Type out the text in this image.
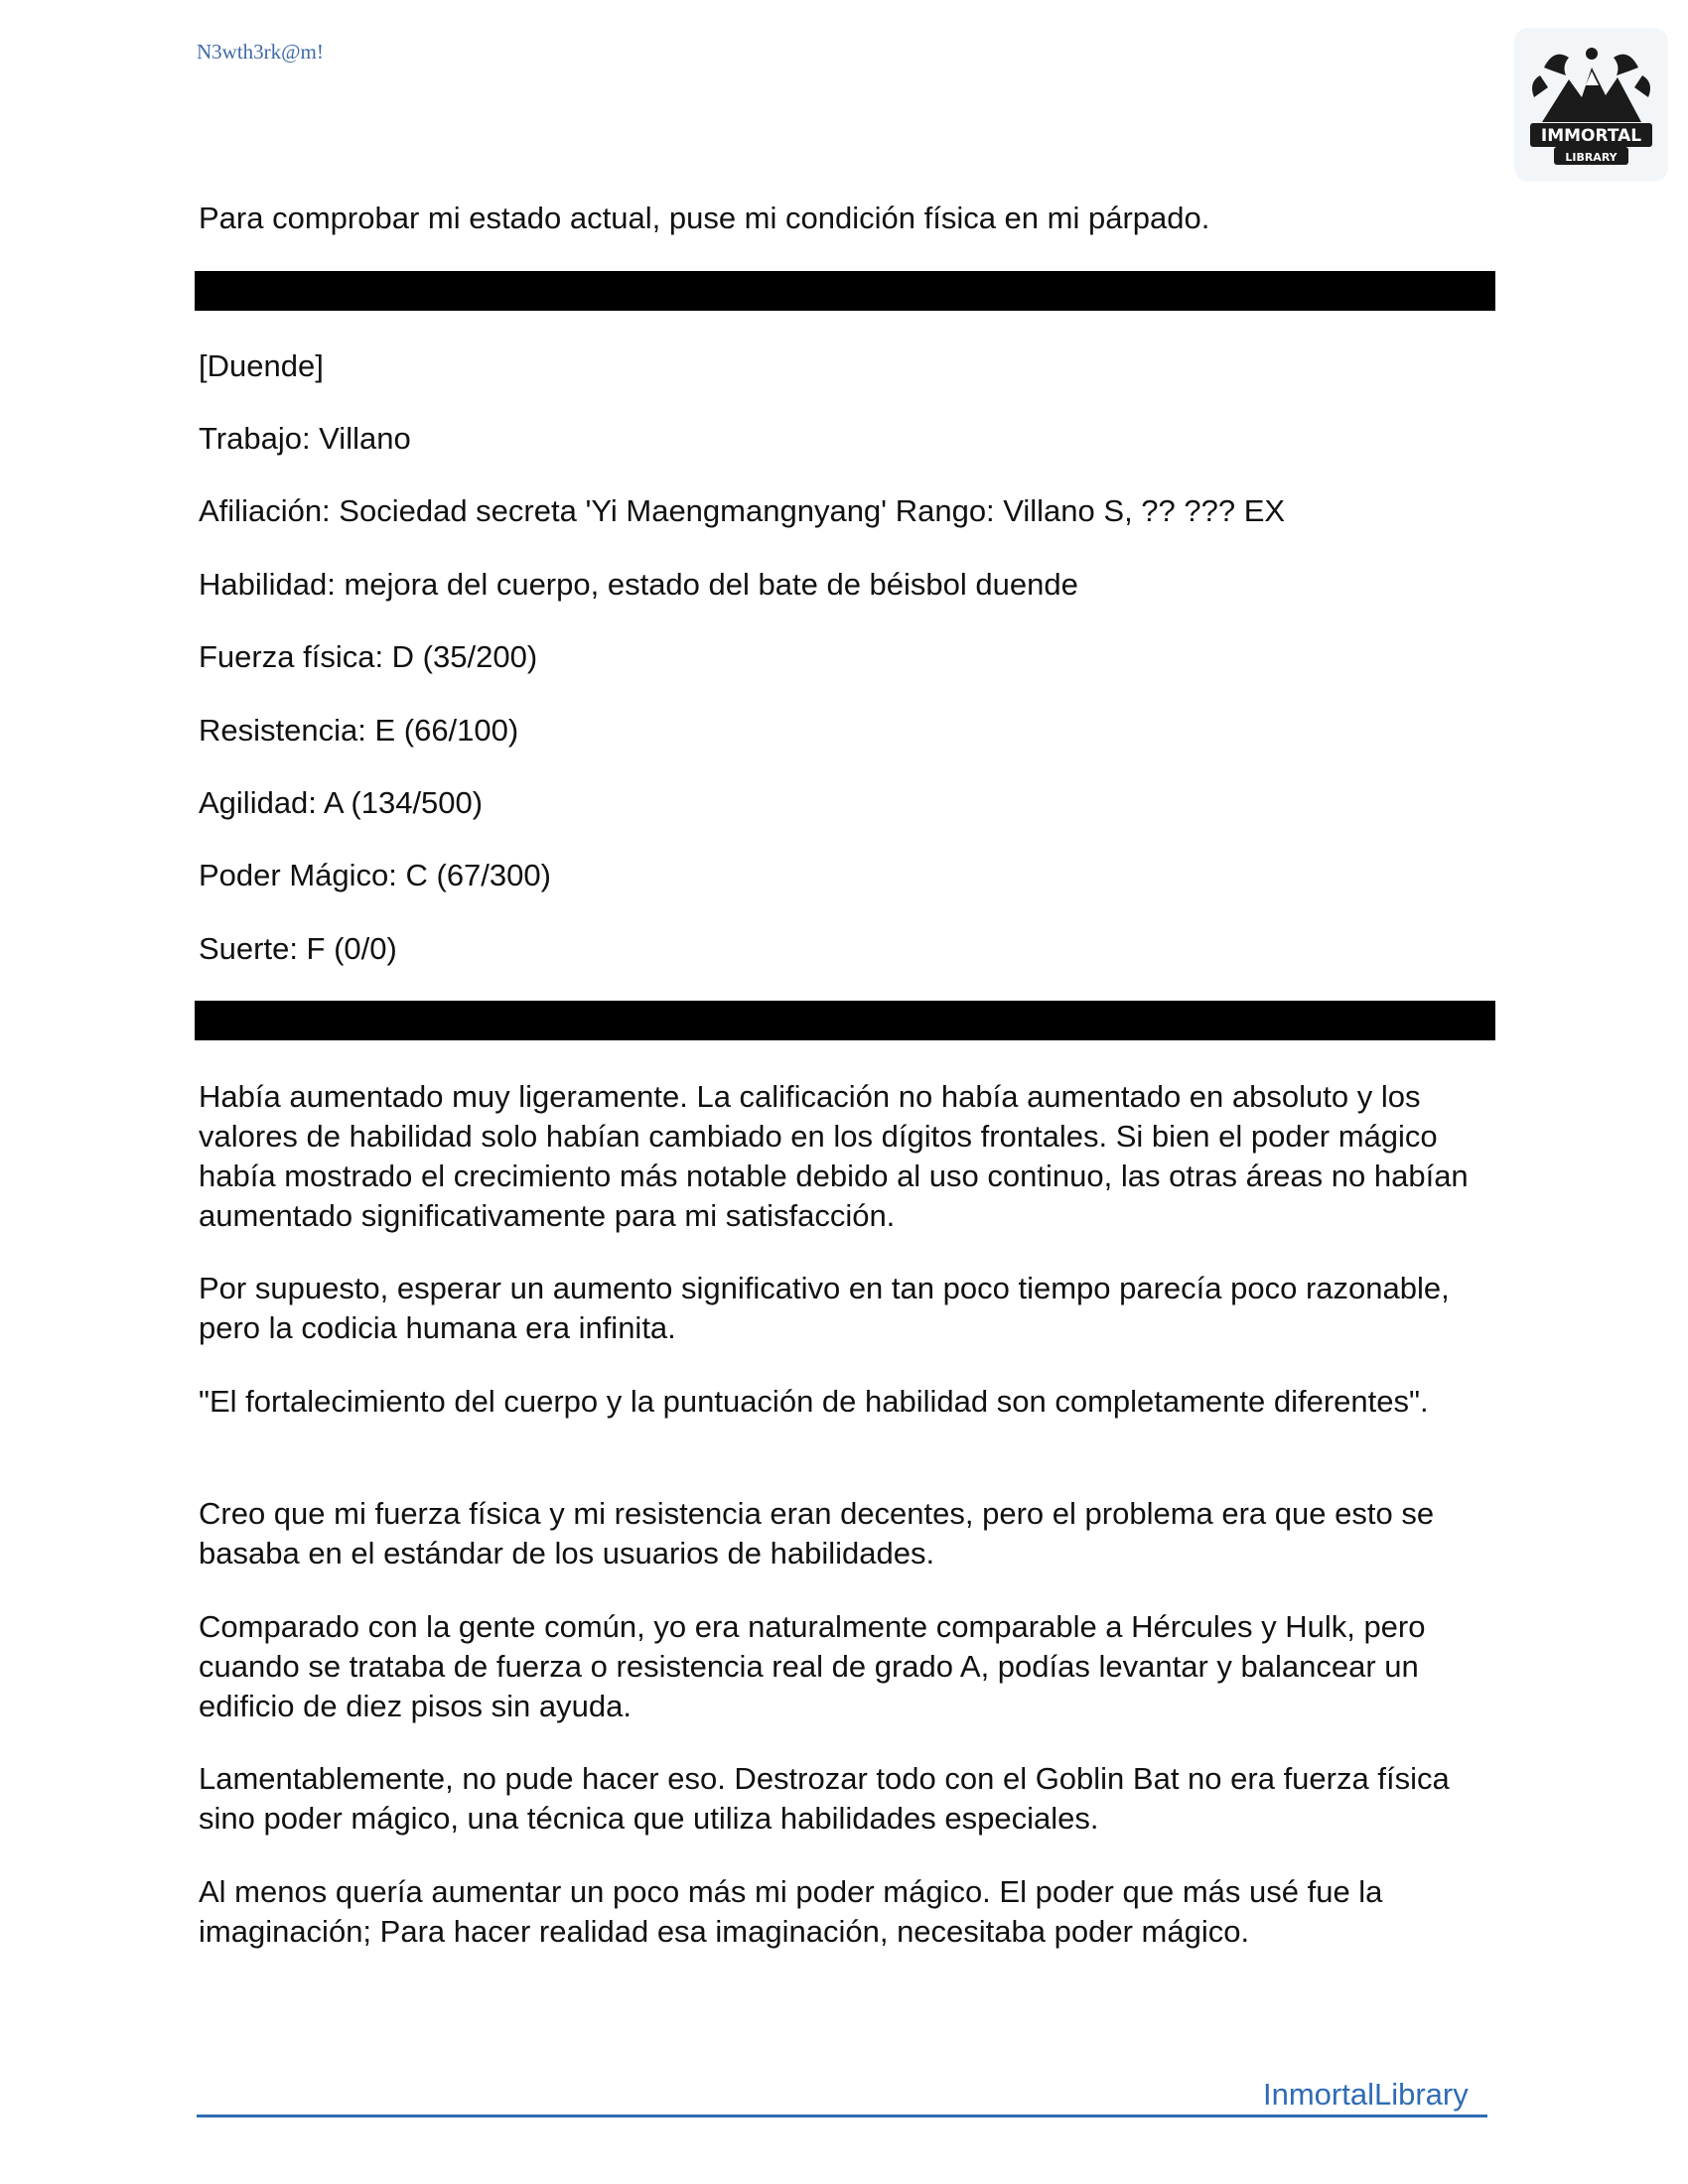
N3wth3rk@m!
IMMORTAL
LIBRARY

Para comprobar mi estado actual, puse mi condición física en mi párpado.

[Duende]

Trabajo: Villano

Afiliación: Sociedad secreta 'Yi Maengmangnyang' Rango: Villano S, ?? ??? EX

Habilidad: mejora del cuerpo, estado del bate de béisbol duende

Fuerza física: D (35/200)

Resistencia: E (66/100)

Agilidad: A (134/500)

Poder Mágico: C (67/300)

Suerte: F (0/0)

Había aumentado muy ligeramente. La calificación no había aumentado en absoluto y los valores de habilidad solo habían cambiado en los dígitos frontales. Si bien el poder mágico había mostrado el crecimiento más notable debido al uso continuo, las otras áreas no habían aumentado significativamente para mi satisfacción.

Por supuesto, esperar un aumento significativo en tan poco tiempo parecía poco razonable, pero la codicia humana era infinita.

"El fortalecimiento del cuerpo y la puntuación de habilidad son completamente diferentes".

Creo que mi fuerza física y mi resistencia eran decentes, pero el problema era que esto se basaba en el estándar de los usuarios de habilidades.

Comparado con la gente común, yo era naturalmente comparable a Hércules y Hulk, pero cuando se trataba de fuerza o resistencia real de grado A, podías levantar y balancear un edificio de diez pisos sin ayuda.

Lamentablemente, no pude hacer eso. Destrozar todo con el Goblin Bat no era fuerza física sino poder mágico, una técnica que utiliza habilidades especiales.

Al menos quería aumentar un poco más mi poder mágico. El poder que más usé fue la imaginación; Para hacer realidad esa imaginación, necesitaba poder mágico.

InmortalLibrary
